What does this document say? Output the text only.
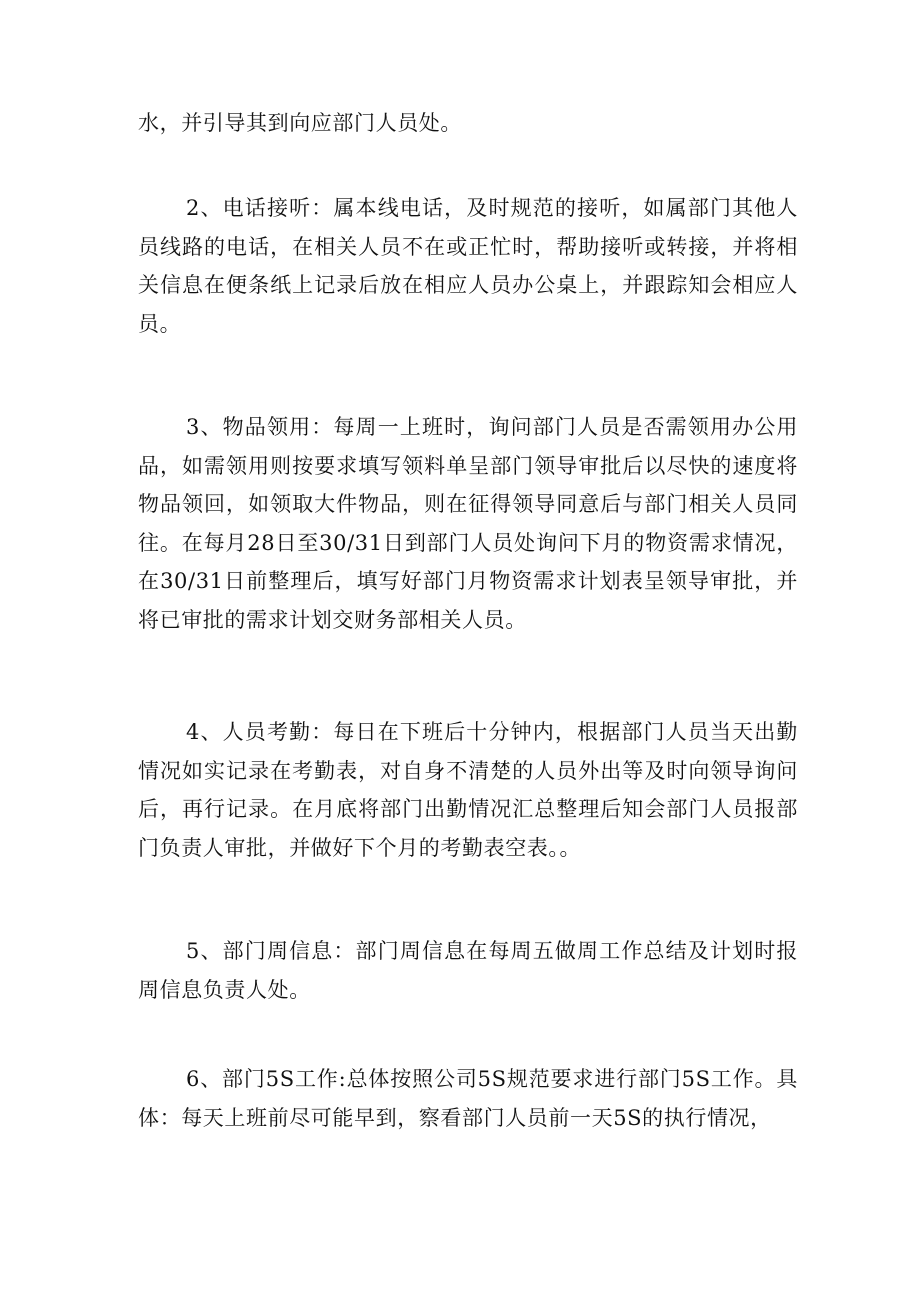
水，并引导其到向应部门人员处。

2、电话接听：属本线电话，及时规范的接听，如属部门其他人员线路的电话，在相关人员不在或正忙时，帮助接听或转接，并将相关信息在便条纸上记录后放在相应人员办公桌上，并跟踪知会相应人员。

3、物品领用：每周一上班时，询问部门人员是否需领用办公用品，如需领用则按要求填写领料单呈部门领导审批后以尽快的速度将物品领回，如领取大件物品，则在征得领导同意后与部门相关人员同往。在每月28日至30/31日到部门人员处询问下月的物资需求情况，在30/31日前整理后，填写好部门月物资需求计划表呈领导审批，并将已审批的需求计划交财务部相关人员。

4、人员考勤：每日在下班后十分钟内，根据部门人员当天出勤情况如实记录在考勤表，对自身不清楚的人员外出等及时向领导询问后，再行记录。在月底将部门出勤情况汇总整理后知会部门人员报部门负责人审批，并做好下个月的考勤表空表。。

5、部门周信息：部门周信息在每周五做周工作总结及计划时报周信息负责人处。

6、部门5S工作:总体按照公司5S规范要求进行部门5S工作。具体：每天上班前尽可能早到，察看部门人员前一天5S的执行情况，
